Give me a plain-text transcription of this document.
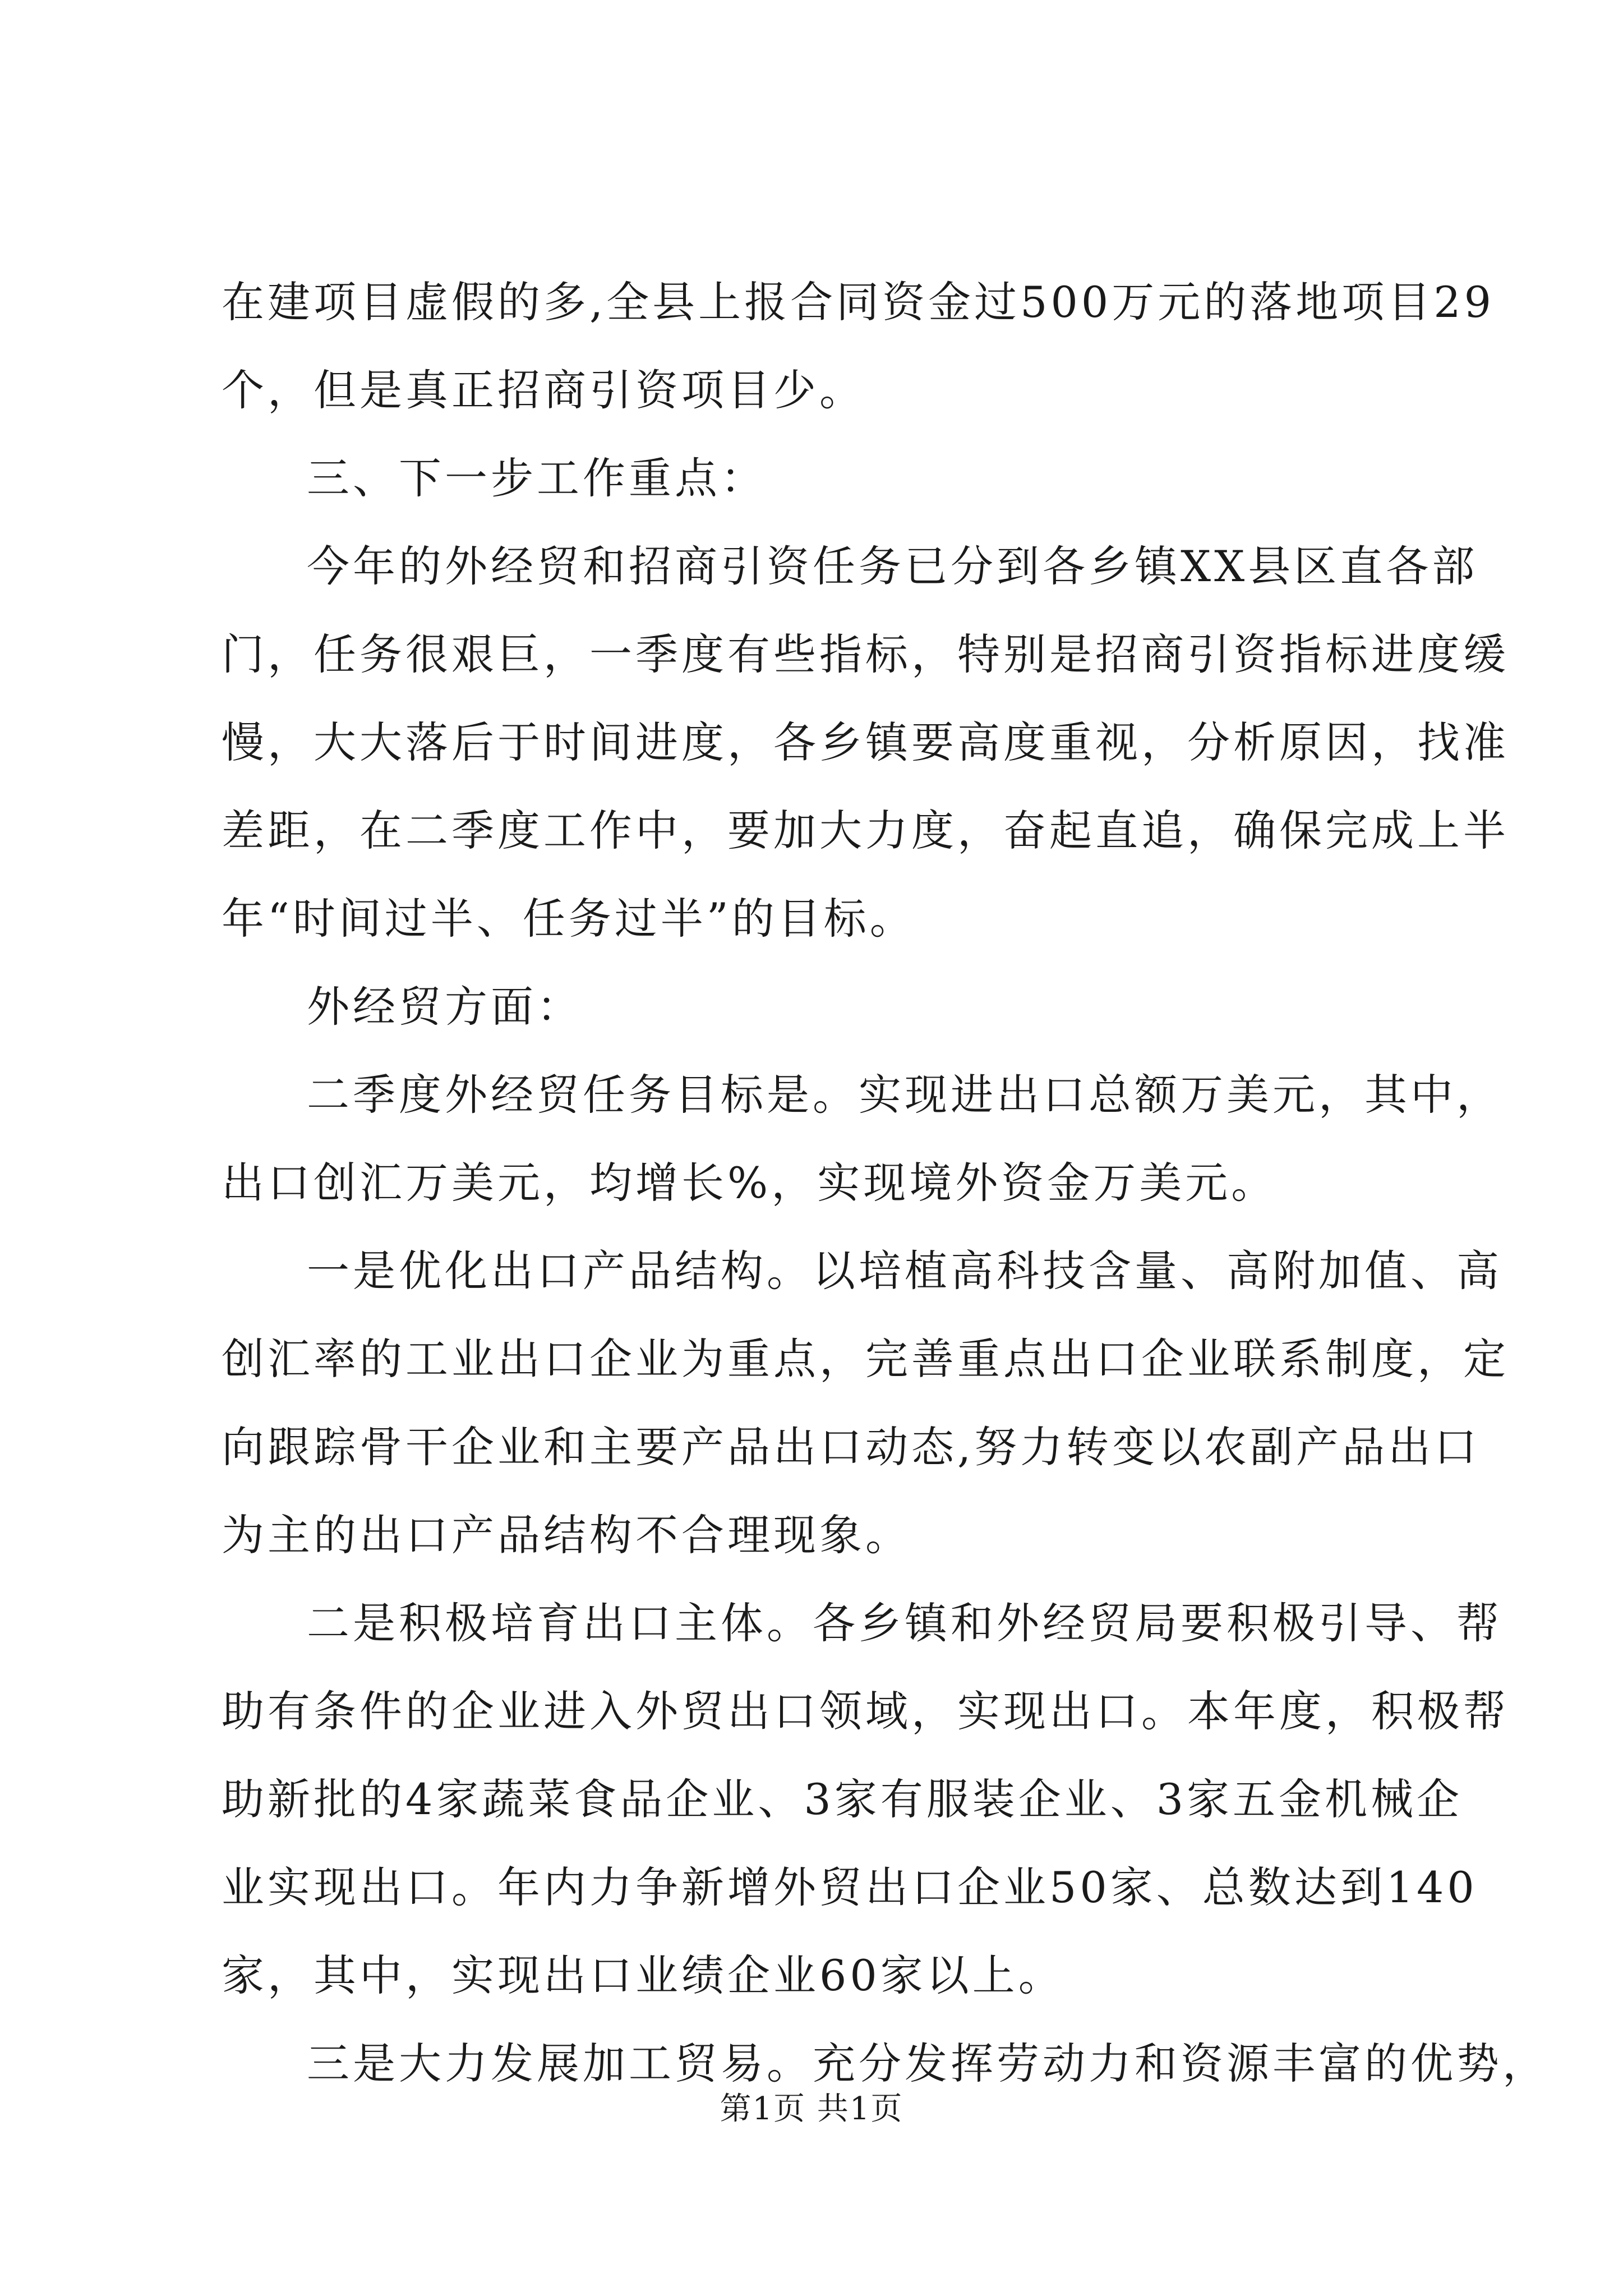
在建项目虚假的多,全县上报合同资金过500万元的落地项目29
个，但是真正招商引资项目少。
三、下一步工作重点：
今年的外经贸和招商引资任务已分到各乡镇XX县区直各部
门，任务很艰巨，一季度有些指标，特别是招商引资指标进度缓
慢，大大落后于时间进度，各乡镇要高度重视，分析原因，找准
差距，在二季度工作中，要加大力度，奋起直追，确保完成上半
年“时间过半、任务过半”的目标。
外经贸方面：
二季度外经贸任务目标是。实现进出口总额万美元，其中，
出口创汇万美元，均增长%，实现境外资金万美元。
一是优化出口产品结构。以培植高科技含量、高附加值、高
创汇率的工业出口企业为重点，完善重点出口企业联系制度，定
向跟踪骨干企业和主要产品出口动态,努力转变以农副产品出口
为主的出口产品结构不合理现象。
二是积极培育出口主体。各乡镇和外经贸局要积极引导、帮
助有条件的企业进入外贸出口领域，实现出口。本年度，积极帮
助新批的4家蔬菜食品企业、3家有服装企业、3家五金机械企
业实现出口。年内力争新增外贸出口企业50家、总数达到140
家，其中，实现出口业绩企业60家以上。
三是大力发展加工贸易。充分发挥劳动力和资源丰富的优势，
第1页 共1页
